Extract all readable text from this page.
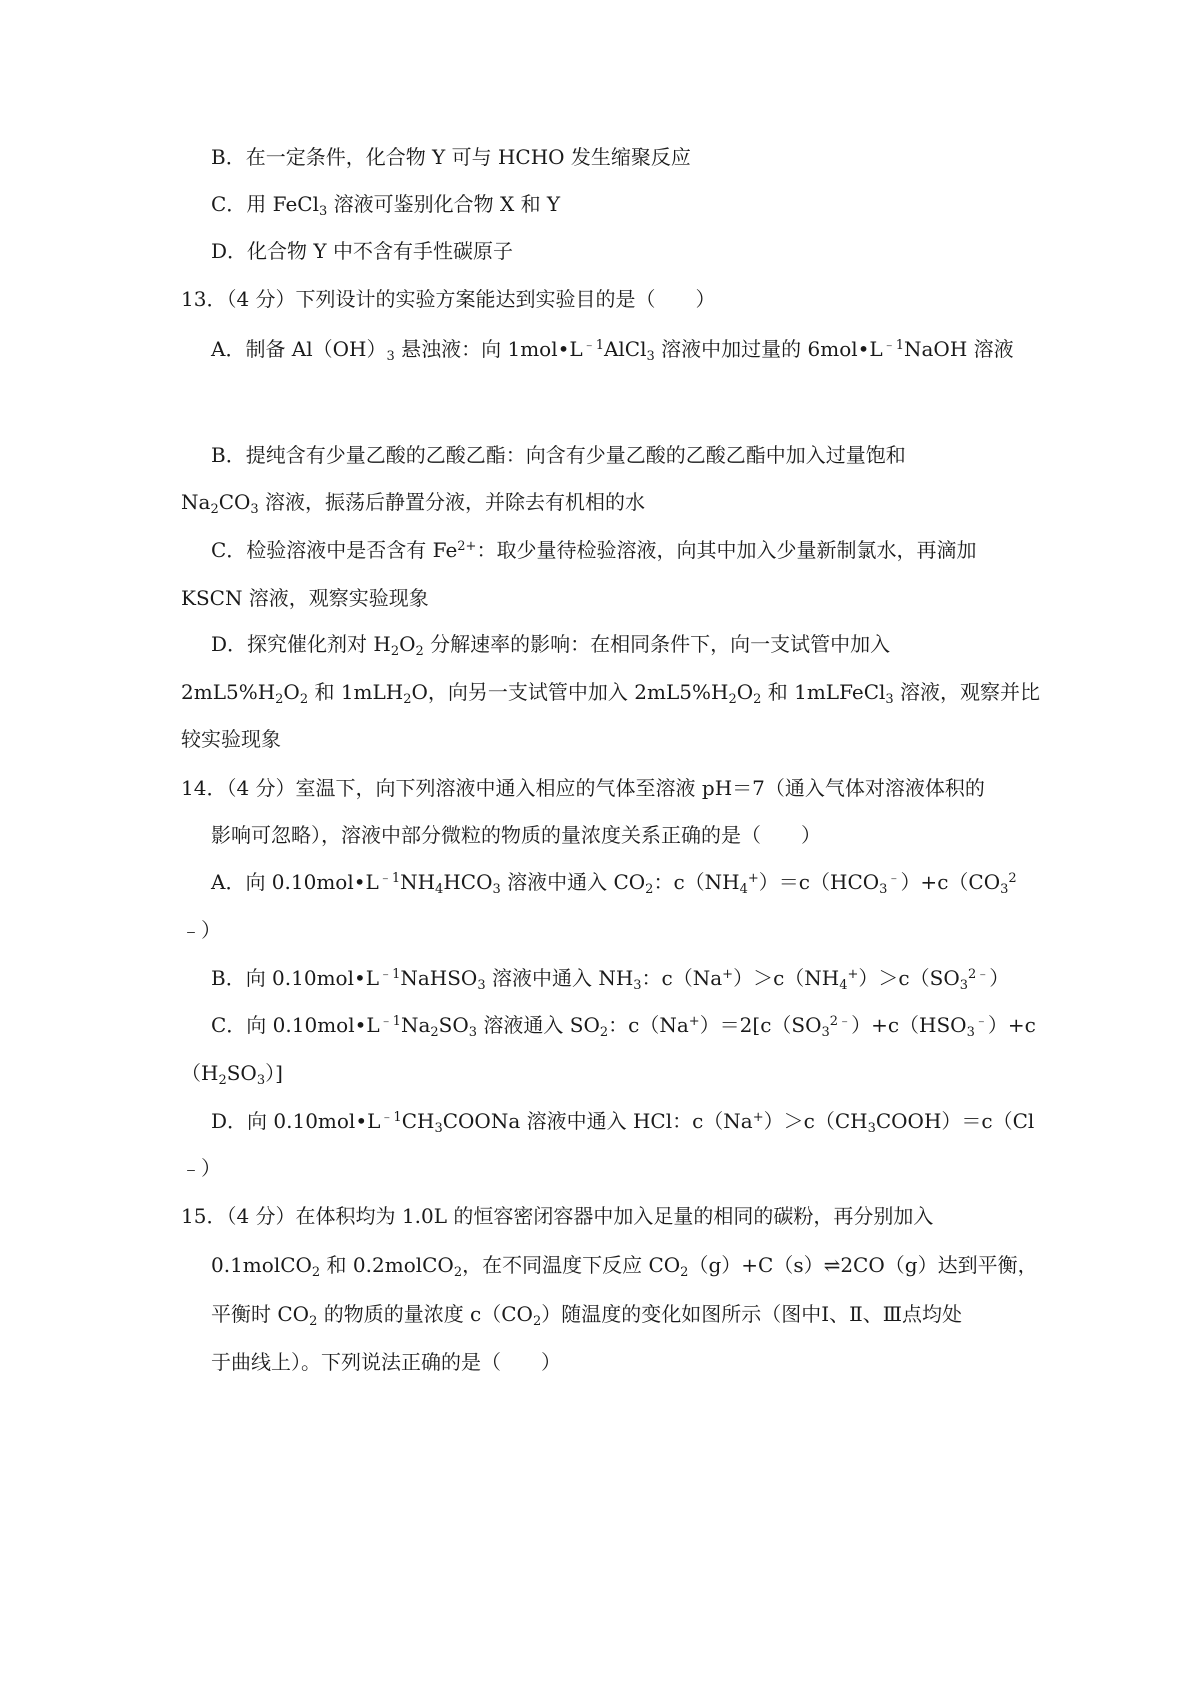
B．在一定条件，化合物 Y 可与 HCHO 发生缩聚反应
C．用 FeCl$_3$ 溶液可鉴别化合物 X 和 Y
D．化合物 Y 中不含有手性碳原子
13．（4 分）下列设计的实验方案能达到实验目的是（　　）
A．制备 $Al(OH)_3$ 悬浊液：向 $1mol•L^{﹣1}AlCl_3$ 溶液中加过量的 $6mol•L^{﹣1}NaOH$ 溶液
B．提纯含有少量乙酸的乙酸乙酯：向含有少量乙酸的乙酸乙酯中加入过量饱和
$Na_2CO_3$ 溶液，振荡后静置分液，并除去有机相的水
C．检验溶液中是否含有 $Fe^{2+}$：取少量待检验溶液，向其中加入少量新制氯水，再滴加
KSCN 溶液，观察实验现象
D．探究催化剂对 $H_2O_2$ 分解速率的影响：在相同条件下，向一支试管中加入
$2mL5\%H_2O_2$ 和 1mLH$_2$O，向另一支试管中加入 $2mL5\%H_2O_2$ 和 1mLFeCl$_3$ 溶液，观察并比
较实验现象
14．（4 分）室温下，向下列溶液中通入相应的气体至溶液 pH＝7（通入气体对溶液体积的
影响可忽略），溶液中部分微粒的物质的量浓度关系正确的是（　　）
A．向 $0.10mol•L^{﹣1}NH_4HCO_3$ 溶液中通入 $CO_2$：$c(NH_4^+)=c(HCO_3^﹣)+c(CO_3^2$
﹣）
B．向 $0.10mol•L^{﹣1}NaHSO_3$ 溶液中通入 $NH_3$：$c(Na^+)>c(NH_4^+)>c(SO_3^{2﹣})$
C．向 $0.10mol•L^{﹣1}Na_2SO_3$ 溶液通入 $SO_2$：$c(Na^+)=2[c(SO_3^{2﹣})+c(HSO_3^﹣)+c$
$(H_2SO_3)$]
D．向 $0.10mol•L^{﹣1}CH_3COONa$ 溶液中通入 HCl：$c(Na^+)>c(CH_3COOH)=c(Cl$
﹣）
15．（4 分）在体积均为 1.0L 的恒容密闭容器中加入足量的相同的碳粉，再分别加入
0.1molCO$_2$ 和 0.2molCO$_2$，在不同温度下反应 $CO_2(g)+C(s)\rightleftharpoons 2CO(g)$达到平衡，
平衡时 $CO_2$ 的物质的量浓度 $c(CO_2)$随温度的变化如图所示（图中Ⅰ、Ⅱ、Ⅲ点均处
于曲线上）。下列说法正确的是（　　）
